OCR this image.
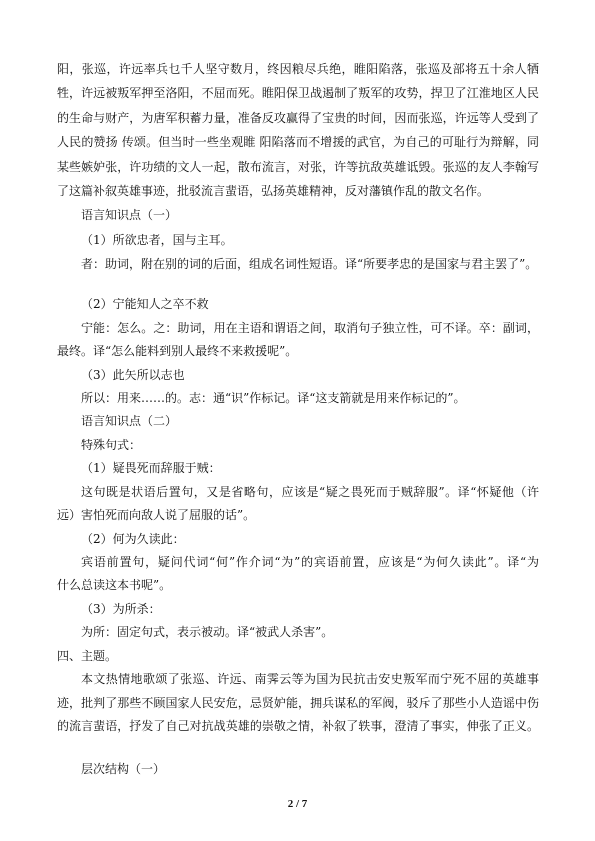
阳，张巡，许远率兵乜千人坚守数月，终因粮尽兵绝，睢阳陷落，张巡及部将五十余人牺
牲，许远被叛军押至洛阳，不屈而死。睢阳保卫战遏制了叛军的攻势，捍卫了江淮地区人民
的生命与财产，为唐军积蓄力量，准备反攻赢得了宝贵的时间，因而张巡，许远等人受到了
人民的赞扬 传颂。但当时一些坐观睢 阳陷落而不增援的武官，为自己的可耻行为辩解，同
某些嫉妒张，许功绩的文人一起，散布流言，对张，许等抗敌英雄诋毁。张巡的友人李翰写
了这篇补叙英雄事迹，批驳流言蜚语，弘扬英雄精神，反对藩镇作乱的散文名作。
语言知识点（一）
（1）所欲忠者，国与主耳。
者：助词，附在别的词的后面，组成名词性短语。译“所要孝忠的是国家与君主罢了”。
（2）宁能知人之卒不救
宁能：怎么。之：助词，用在主语和谓语之间，取消句子独立性，可不译。卒：副词，
最终。译“怎么能料到别人最终不来救援呢”。
（3）此矢所以志也
所以：用来……的。志：通“识”作标记。译“这支箭就是用来作标记的”。
语言知识点（二）
特殊句式：
（1）疑畏死而辞服于贼：
这句既是状语后置句，又是省略句，应该是“疑之畏死而于贼辞服”。译“怀疑他（许
远）害怕死而向敌人说了屈服的话”。
（2）何为久读此：
宾语前置句，疑问代词“何”作介词“为”的宾语前置，应该是“为何久读此”。译“为
什么总读这本书呢”。
（3）为所杀：
为所：固定句式，表示被动。译“被武人杀害”。
四、主题。
本文热情地歌颂了张巡、许远、南霁云等为国为民抗击安史叛军而宁死不屈的英雄事
迹，批判了那些不顾国家人民安危，忌贤妒能，拥兵谋私的军阀，驳斥了那些小人造谣中伤
的流言蜚语，抒发了自己对抗战英雄的崇敬之情，补叙了轶事，澄清了事实，伸张了正义。
层次结构（一）
2 / 7
